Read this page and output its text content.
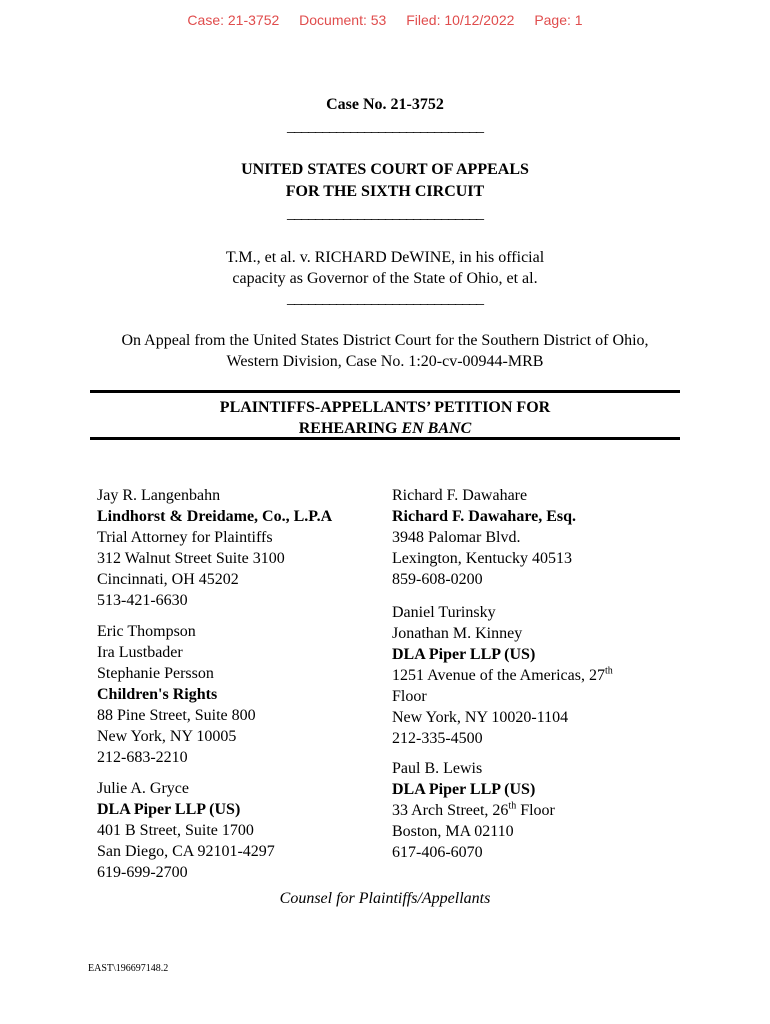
Case: 21-3752 Document: 53 Filed: 10/12/2022 Page: 1
Case No. 21-3752
____________________________
UNITED STATES COURT OF APPEALS
FOR THE SIXTH CIRCUIT
____________________________
T.M., et al. v. RICHARD DeWINE, in his official
capacity as Governor of the State of Ohio, et al.
____________________________
On Appeal from the United States District Court for the Southern District of Ohio,
Western Division, Case No. 1:20-cv-00944-MRB
PLAINTIFFS-APPELLANTS’ PETITION FOR
REHEARING EN BANC
Jay R. Langenbahn
Lindhorst & Dreidame, Co., L.P.A
Trial Attorney for Plaintiffs
312 Walnut Street Suite 3100
Cincinnati, OH 45202
513-421-6630
Eric Thompson
Ira Lustbader
Stephanie Persson
Children's Rights
88 Pine Street, Suite 800
New York, NY 10005
212-683-2210
Julie A. Gryce
DLA Piper LLP (US)
401 B Street, Suite 1700
San Diego, CA 92101-4297
619-699-2700
Richard F. Dawahare
Richard F. Dawahare, Esq.
3948 Palomar Blvd.
Lexington, Kentucky 40513
859-608-0200
Daniel Turinsky
Jonathan M. Kinney
DLA Piper LLP (US)
1251 Avenue of the Americas, 27th
Floor
New York, NY 10020-1104
212-335-4500
Paul B. Lewis
DLA Piper LLP (US)
33 Arch Street, 26th Floor
Boston, MA 02110
617-406-6070
Counsel for Plaintiffs/Appellants
EAST\196697148.2
